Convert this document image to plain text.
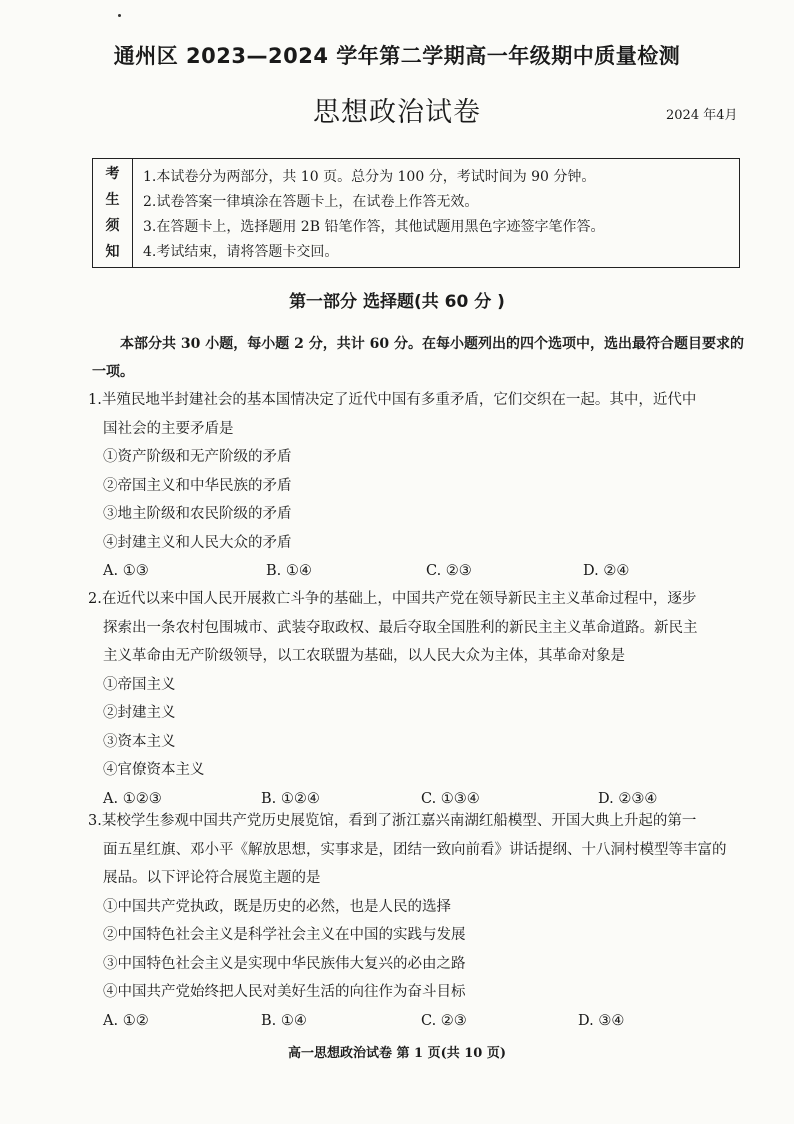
通州区 2023—2024 学年第二学期高一年级期中质量检测
思想政治试卷	2024 年4月
考
生
须
知
1.本试卷分为两部分，共 10 页。总分为 100 分，考试时间为 90 分钟。
2.试卷答案一律填涂在答题卡上，在试卷上作答无效。
3.在答题卡上，选择题用 2B 铅笔作答，其他试题用黑色字迹签字笔作答。
4.考试结束，请将答题卡交回。
第一部分 选择题(共 60 分 )
本部分共 30 小题，每小题 2 分，共计 60 分。在每小题列出的四个选项中，选出最符合题目要求的一项。
1.半殖民地半封建社会的基本国情决定了近代中国有多重矛盾，它们交织在一起。其中，近代中
国社会的主要矛盾是
①资产阶级和无产阶级的矛盾
②帝国主义和中华民族的矛盾
③地主阶级和农民阶级的矛盾
④封建主义和人民大众的矛盾
A. ①③	B. ①④	C. ②③	D. ②④
2.在近代以来中国人民开展救亡斗争的基础上，中国共产党在领导新民主主义革命过程中，逐步
探索出一条农村包围城市、武装夺取政权、最后夺取全国胜利的新民主主义革命道路。新民主
主义革命由无产阶级领导，以工农联盟为基础，以人民大众为主体，其革命对象是
①帝国主义
②封建主义
③资本主义
④官僚资本主义
A. ①②③	B. ①②④	C. ①③④	D. ②③④
3.某校学生参观中国共产党历史展览馆，看到了浙江嘉兴南湖红船模型、开国大典上升起的第一
面五星红旗、邓小平《解放思想，实事求是，团结一致向前看》讲话提纲、十八洞村模型等丰富的
展品。以下评论符合展览主题的是
①中国共产党执政，既是历史的必然，也是人民的选择
②中国特色社会主义是科学社会主义在中国的实践与发展
③中国特色社会主义是实现中华民族伟大复兴的必由之路
④中国共产党始终把人民对美好生活的向往作为奋斗目标
A. ①②	B. ①④	C. ②③	D. ③④
高一思想政治试卷 第 1 页(共 10 页)
